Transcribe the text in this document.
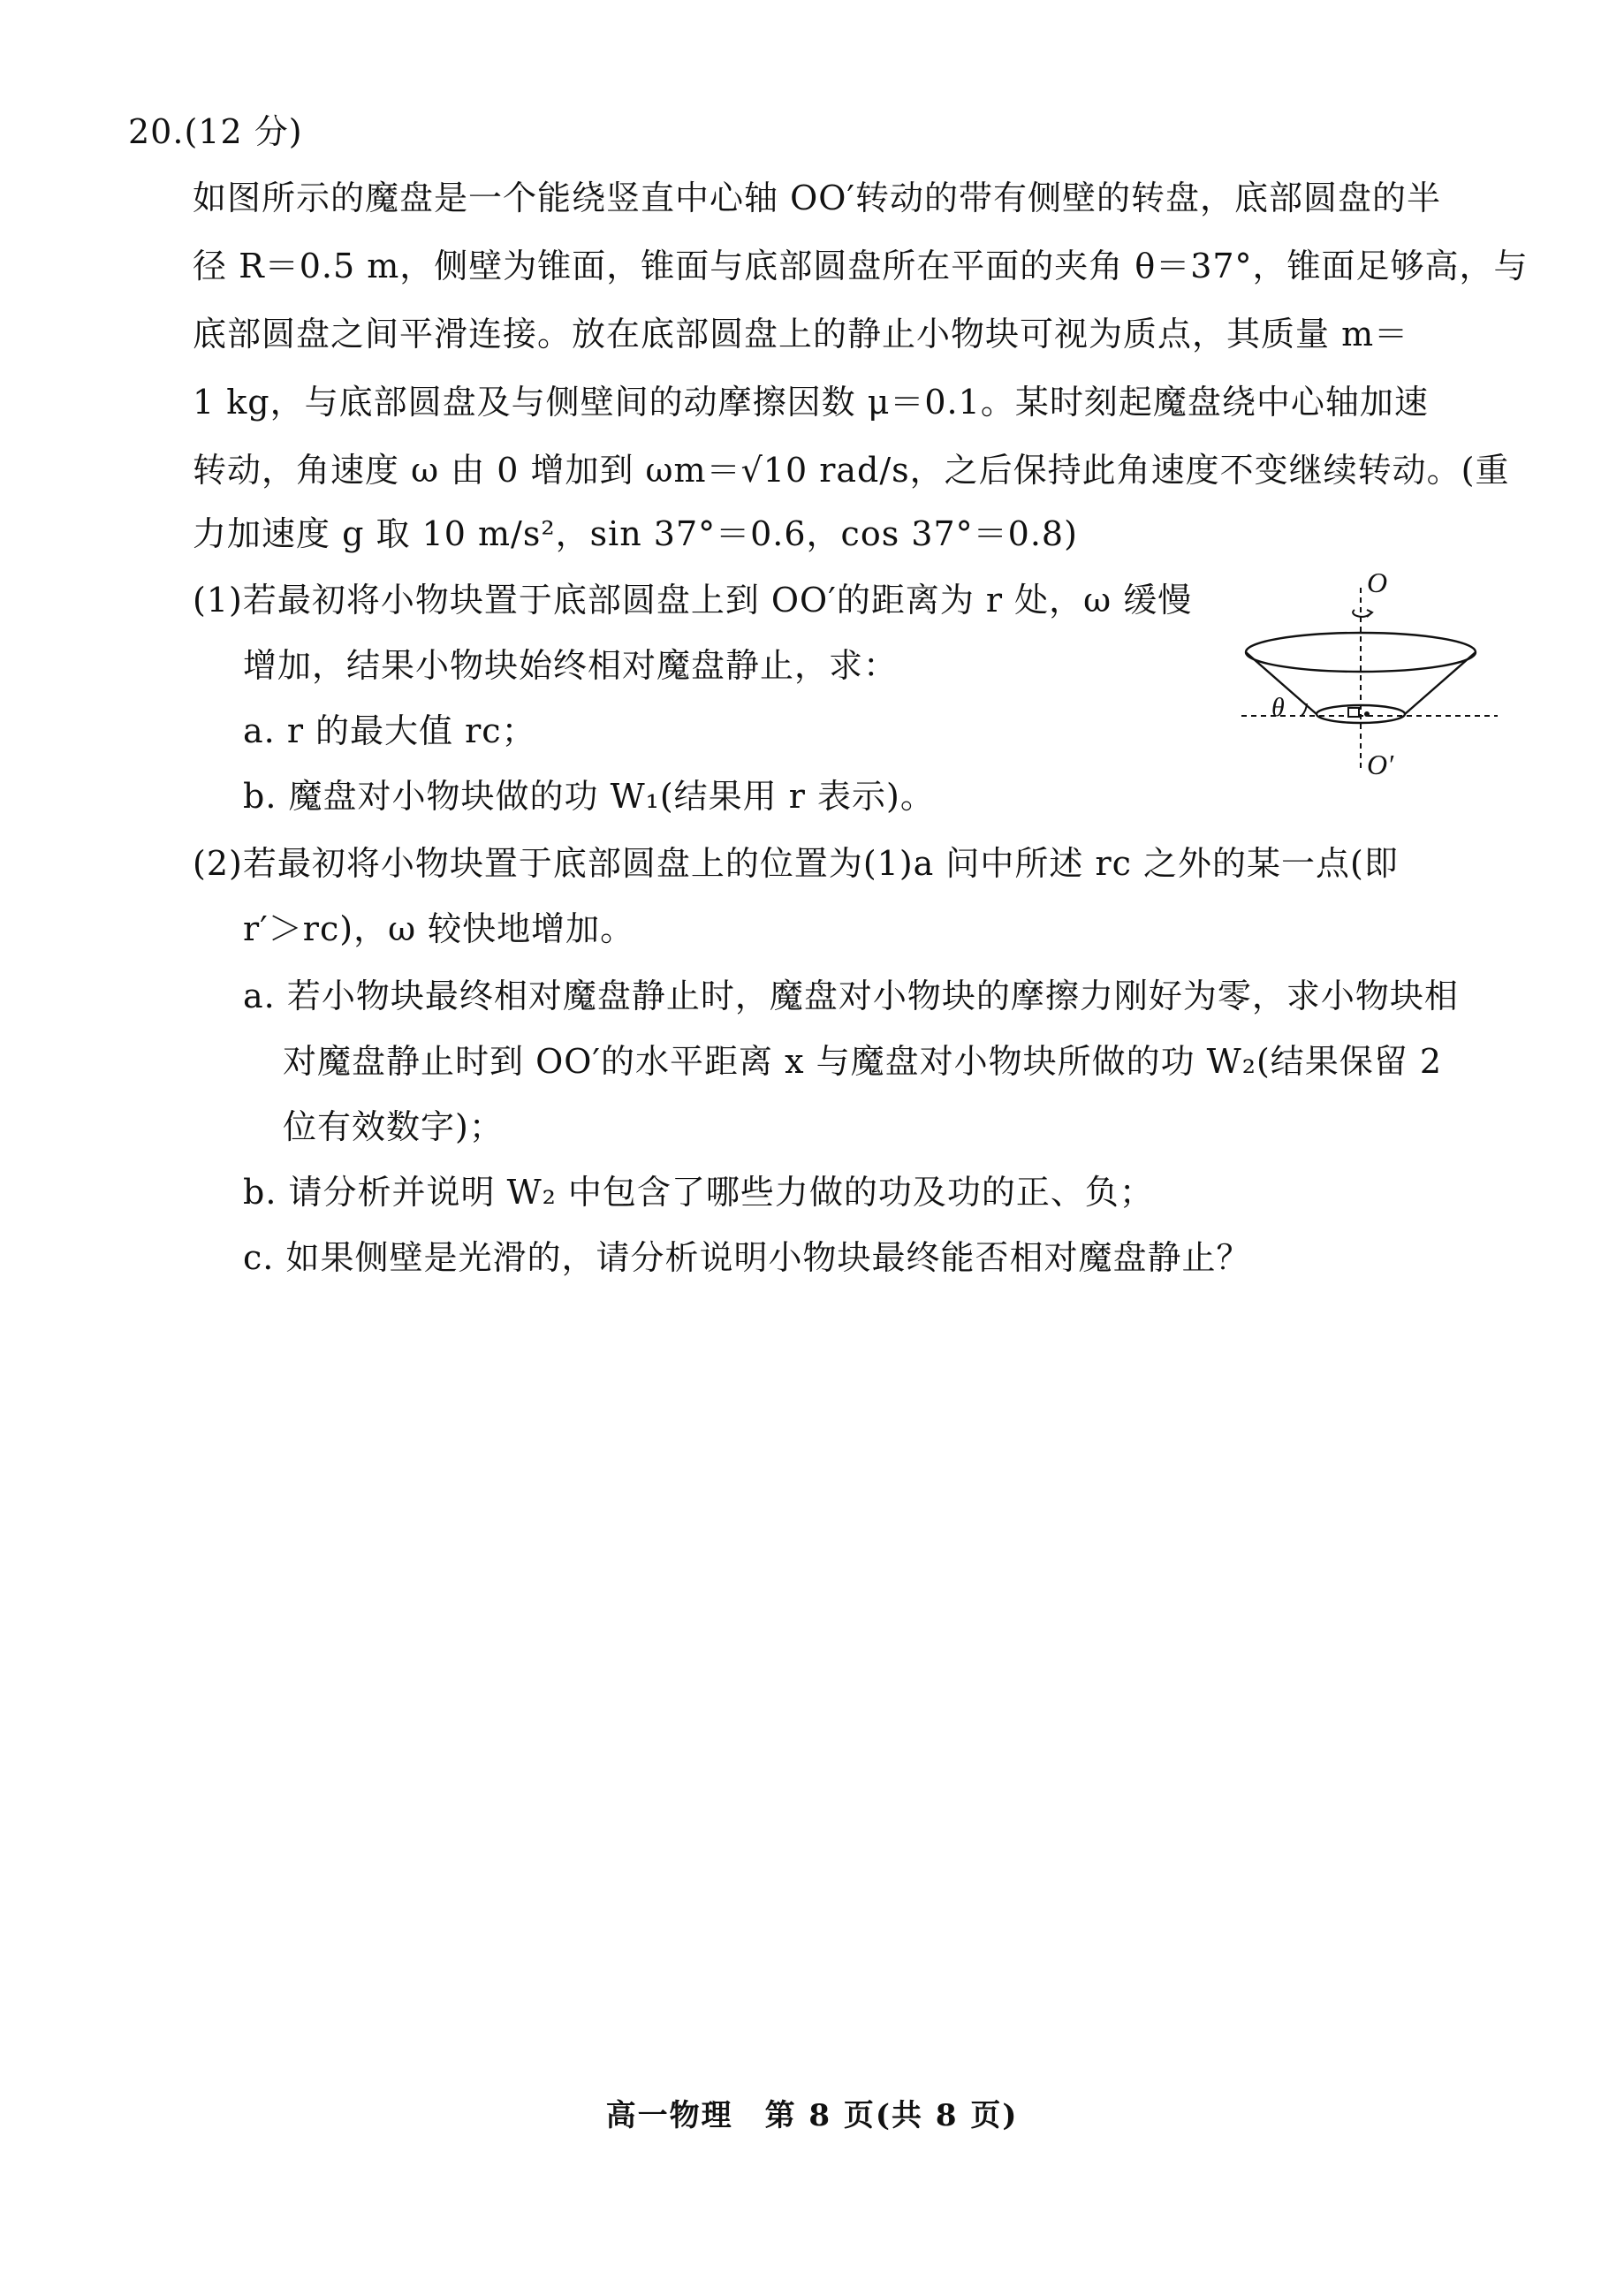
20.(12 分)
如图所示的魔盘是一个能绕竖直中心轴 OO′转动的带有侧壁的转盘，底部圆盘的半
径 R＝0.5 m，侧壁为锥面，锥面与底部圆盘所在平面的夹角 θ＝37°，锥面足够高，与
底部圆盘之间平滑连接。放在底部圆盘上的静止小物块可视为质点，其质量 m＝
1 kg，与底部圆盘及与侧壁间的动摩擦因数 μ＝0.1。某时刻起魔盘绕中心轴加速
转动，角速度 ω 由 0 增加到 ωm＝√10 rad/s，之后保持此角速度不变继续转动。(重
力加速度 g 取 10 m/s²，sin 37°＝0.6，cos 37°＝0.8)
(1)若最初将小物块置于底部圆盘上到 OO′的距离为 r 处，ω 缓慢
增加，结果小物块始终相对魔盘静止，求：
a. r 的最大值 rc；
b. 魔盘对小物块做的功 W₁(结果用 r 表示)。
(2)若最初将小物块置于底部圆盘上的位置为(1)a 问中所述 rc 之外的某一点(即
r′＞rc)，ω 较快地增加。
a. 若小物块最终相对魔盘静止时，魔盘对小物块的摩擦力刚好为零，求小物块相
对魔盘静止时到 OO′的水平距离 x 与魔盘对小物块所做的功 W₂(结果保留 2
位有效数字)；
b. 请分析并说明 W₂ 中包含了哪些力做的功及功的正、负；
c. 如果侧壁是光滑的，请分析说明小物块最终能否相对魔盘静止？
O
O′
θ
高一物理　第 8 页(共 8 页)
